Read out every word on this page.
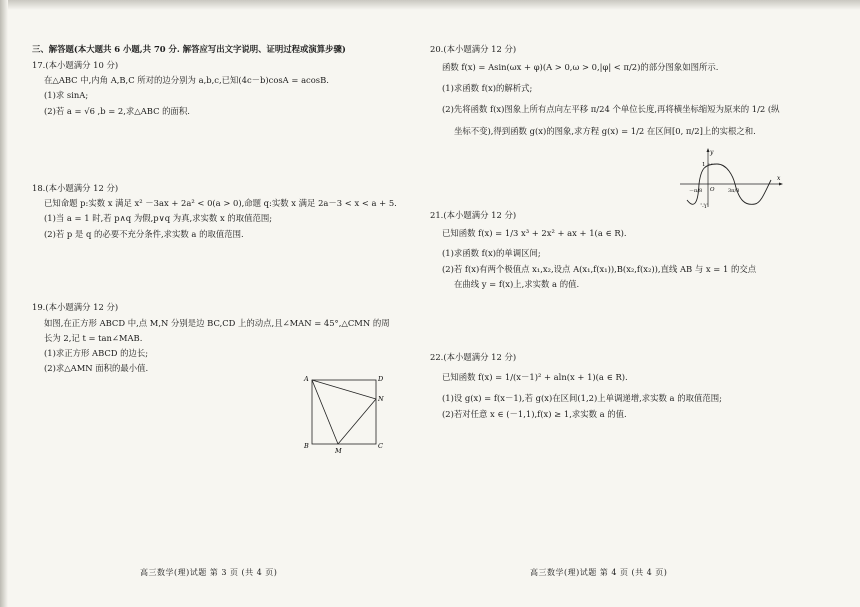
三、解答题(本大题共 6 小题,共 70 分. 解答应写出文字说明、证明过程或演算步骤)
17.(本小题满分 10 分)
在△ABC 中,内角 A,B,C 所对的边分别为 a,b,c,已知(4c－b)cosA = acosB.
(1)求 sinA;
(2)若 a = √6 ,b = 2,求△ABC 的面积.
18.(本小题满分 12 分)
已知命题 p:实数 x 满足 x² －3ax + 2a² < 0(a > 0),命题 q:实数 x 满足 2a－3 < x < a + 5.
(1)当 a = 1 时,若 p∧q 为假,p∨q 为真,求实数 x 的取值范围;
(2)若 p 是 q 的必要不充分条件,求实数 a 的取值范围.
19.(本小题满分 12 分)
如图,在正方形 ABCD 中,点 M,N 分别是边 BC,CD 上的动点,且∠MAN = 45°,△CMN 的周
长为 2,记 t = tan∠MAB.
(1)求正方形 ABCD 的边长;
(2)求△AMN 面积的最小值.
A	D
N
B
M
C
20.(本小题满分 12 分)
函数 f(x) = Asin(ωx + φ)(A > 0,ω > 0,|φ| < π/2)的部分图象如图所示.
(1)求函数 f(x)的解析式;
(2)先将函数 f(x)图象上所有点向左平移 π/24 个单位长度,再将横坐标缩短为原来的 1/2 (纵
坐标不变),得到函数 g(x)的图象,求方程 g(x) = 1/2 在区间[0, π/2]上的实根之和.
21.(本小题满分 12 分)
已知函数 f(x) = 1/3 x³ + 2x² + ax + 1(a ∈ R).
(1)求函数 f(x)的单调区间;
(2)若 f(x)有两个极值点 x₁,x₂,设点 A(x₁,f(x₁)),B(x₂,f(x₂)),直线 AB 与 x = 1 的交点
在曲线 y = f(x)上,求实数 a 的值.
22.(本小题满分 12 分)
已知函数 f(x) = 1/(x－1)² + aln(x + 1)(a ∈ R).
(1)设 g(x) = f(x－1),若 g(x)在区间(1,2)上单调递增,求实数 a 的取值范围;
(2)若对任意 x ∈ (－1,1),f(x) ≥ 1,求实数 a 的值.
y
x
1
-1
O
－π/8	3π/8
高三数学(理)试题 第 3 页 (共 4 页)	高三数学(理)试题 第 4 页 (共 4 页)
